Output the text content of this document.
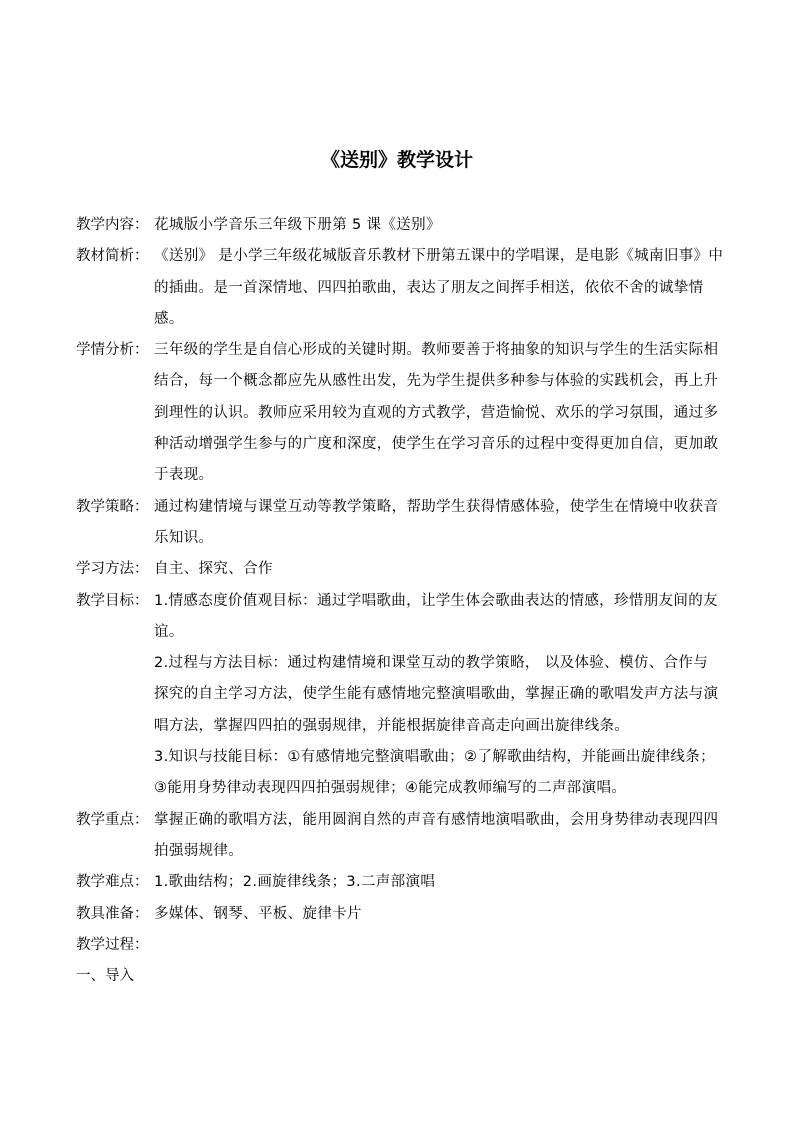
《送别》教学设计
教学内容： 花城版小学音乐三年级下册第 5 课《送别》
教材简析： 《送别》 是小学三年级花城版音乐教材下册第五课中的学唱课，是电影《城南旧事》中的插曲。是一首深情地、四四拍歌曲，表达了朋友之间挥手相送，依依不舍的诚挚情感。
学情分析： 三年级的学生是自信心形成的关键时期。教师要善于将抽象的知识与学生的生活实际相结合，每一个概念都应先从感性出发，先为学生提供多种参与体验的实践机会，再上升到理性的认识。教师应采用较为直观的方式教学，营造愉悦、欢乐的学习氛围，通过多种活动增强学生参与的广度和深度，使学生在学习音乐的过程中变得更加自信，更加敢于表现。
教学策略： 通过构建情境与课堂互动等教学策略，帮助学生获得情感体验，使学生在情境中收获音乐知识。
学习方法： 自主、探究、合作
教学目标： 1.情感态度价值观目标：通过学唱歌曲，让学生体会歌曲表达的情感，珍惜朋友间的友谊。
2.过程与方法目标：通过构建情境和课堂互动的教学策略， 以及体验、模仿、合作与探究的自主学习方法，使学生能有感情地完整演唱歌曲，掌握正确的歌唱发声方法与演唱方法，掌握四四拍的强弱规律，并能根据旋律音高走向画出旋律线条。
3.知识与技能目标：①有感情地完整演唱歌曲；②了解歌曲结构，并能画出旋律线条；③能用身势律动表现四四拍强弱规律；④能完成教师编写的二声部演唱。
教学重点： 掌握正确的歌唱方法，能用圆润自然的声音有感情地演唱歌曲，会用身势律动表现四四拍强弱规律。
教学难点： 1.歌曲结构；2.画旋律线条；3.二声部演唱
教具准备： 多媒体、钢琴、平板、旋律卡片
教学过程：
一、导入
